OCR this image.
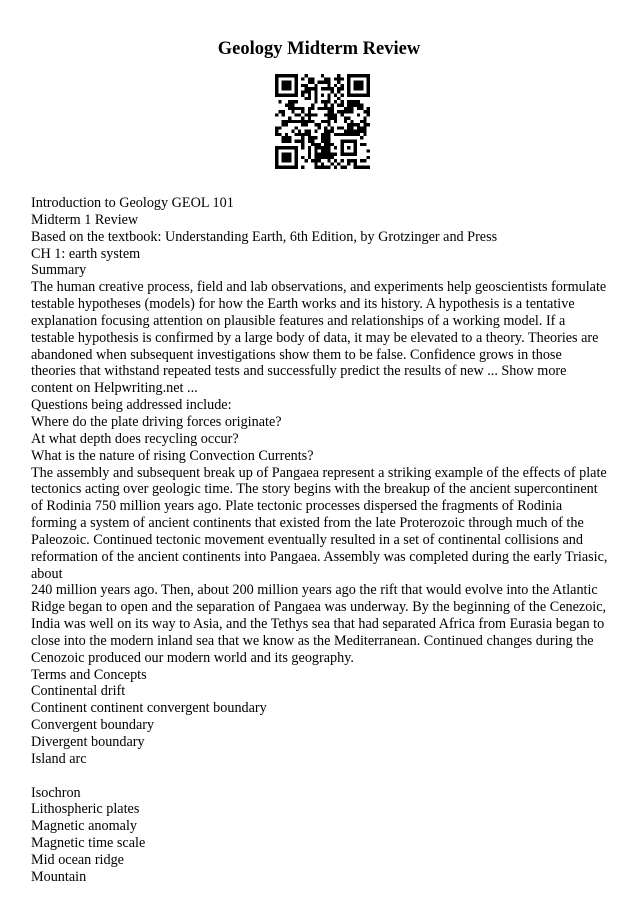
Geology Midterm Review
Introduction to Geology GEOL 101
Midterm 1 Review
Based on the textbook: Understanding Earth, 6th Edition, by Grotzinger and Press
CH 1: earth system
Summary
The human creative process, field and lab observations, and experiments help geoscientists formulate testable hypotheses (models) for how the Earth works and its history. A hypothesis is a tentative explanation focusing attention on plausible features and relationships of a working model. If a testable hypothesis is confirmed by a large body of data, it may be elevated to a theory. Theories are abandoned when subsequent investigations show them to be false. Confidence grows in those theories that withstand repeated tests and successfully predict the results of new ... Show more content on Helpwriting.net ...
Questions being addressed include:
Where do the plate driving forces originate?
At what depth does recycling occur?
What is the nature of rising Convection Currents?
The assembly and subsequent break up of Pangaea represent a striking example of the effects of plate tectonics acting over geologic time. The story begins with the breakup of the ancient supercontinent of Rodinia 750 million years ago. Plate tectonic processes dispersed the fragments of Rodinia forming a system of ancient continents that existed from the late Proterozoic through much of the Paleozoic. Continued tectonic movement eventually resulted in a set of continental collisions and reformation of the ancient continents into Pangaea. Assembly was completed during the early Triasic, about
240 million years ago. Then, about 200 million years ago the rift that would evolve into the Atlantic Ridge began to open and the separation of Pangaea was underway. By the beginning of the Cenezoic, India was well on its way to Asia, and the Tethys sea that had separated Africa from Eurasia began to close into the modern inland sea that we know as the Mediterranean. Continued changes during the Cenozoic produced our modern world and its geography.
Terms and Concepts
Continental drift
Continent continent convergent boundary
Convergent boundary
Divergent boundary
Island arc
Isochron
Lithospheric plates
Magnetic anomaly
Magnetic time scale
Mid ocean ridge
Mountain
